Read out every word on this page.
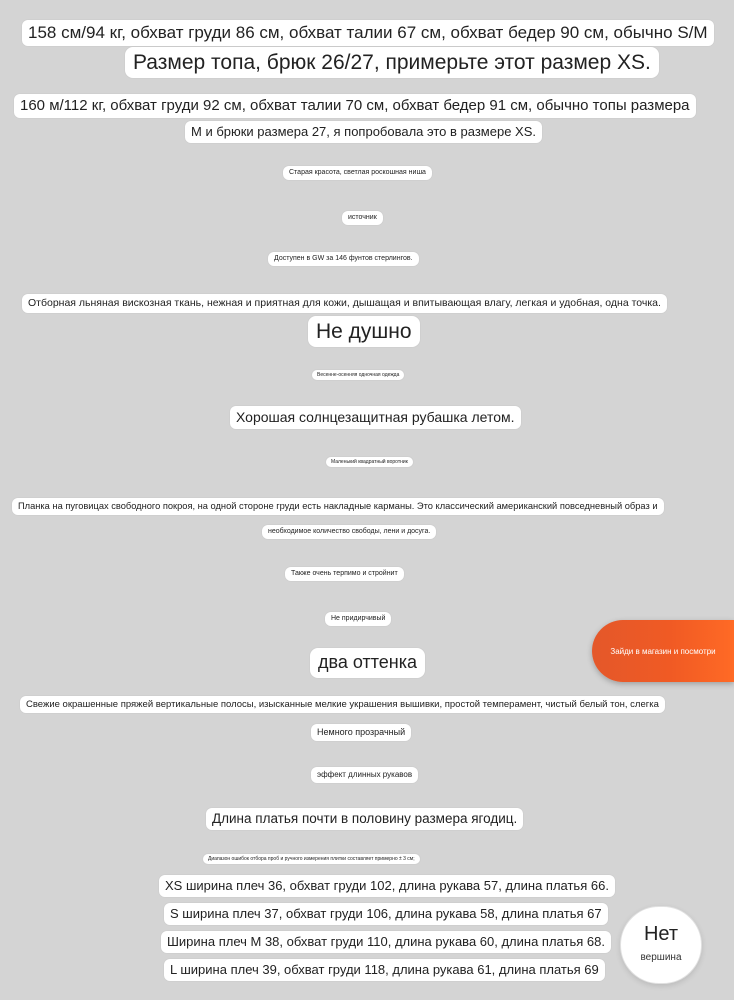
158 см/94 кг, обхват груди 86 см, обхват талии 67 см, обхват бедер 90 см, обычно S/M
Размер топа, брюк 26/27, примерьте этот размер XS.
160 м/112 кг, обхват груди 92 см, обхват талии 70 см, обхват бедер 91 см, обычно топы размера
М и брюки размера 27, я попробовала это в размере XS.
Старая красота, светлая роскошная ниша
источник
Доступен в GW за 146 фунтов стерлингов.
Отборная льняная вискозная ткань, нежная и приятная для кожи, дышащая и впитывающая влагу, легкая и удобная, одна точка.
Не душно
Весенне-осенняя одночная одежда
Хорошая солнцезащитная рубашка летом.
Маленький квадратный воротник
Планка на пуговицах свободного покроя, на одной стороне груди есть накладные карманы. Это классический американский повседневный образ и
необходимое количество свободы, лени и досуга.
Также очень терпимо и стройнит
Не придирчивый
два оттенка
Свежие окрашенные пряжей вертикальные полосы, изысканные мелкие украшения вышивки, простой темперамент, чистый белый тон, слегка
Немного прозрачный
эффект длинных рукавов
Длина платья почти в половину размера ягодиц.
Диапазон ошибок отбора проб и ручного измерения плитки составляет примерно ± 3 см;
XS ширина плеч 36, обхват груди 102, длина рукава 57, длина платья 66.
S ширина плеч 37, обхват груди 106, длина рукава 58, длина платья 67
Ширина плеч М 38, обхват груди 110, длина рукава 60, длина платья 68.
L ширина плеч 39, обхват груди 118, длина рукава 61, длина платья 69
Зайди в магазин и посмотри
Нет
вершина
